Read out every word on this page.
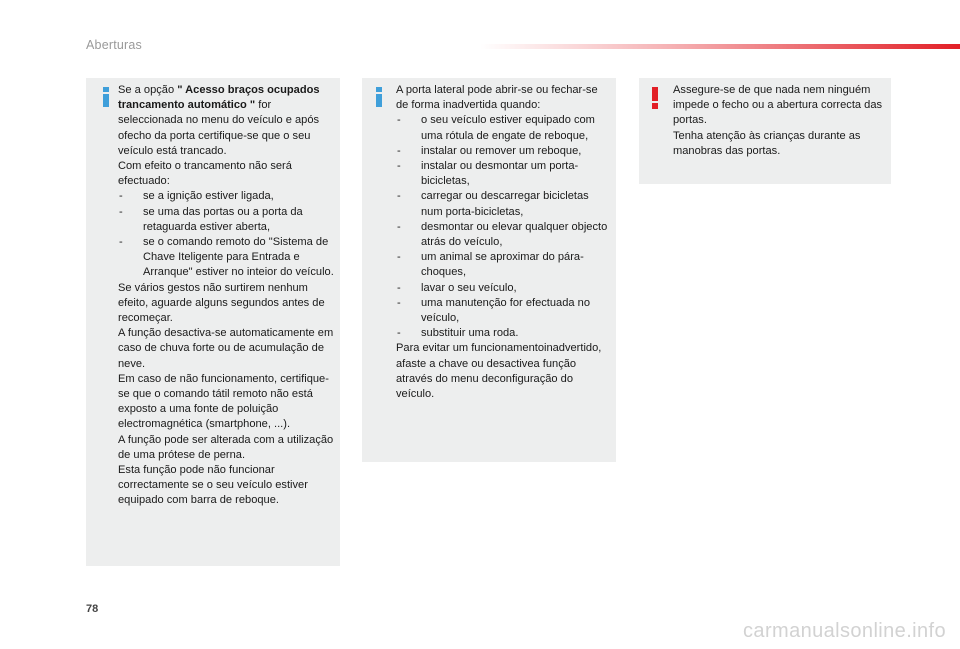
Aberturas

Se a opção " Acesso braços ocupados trancamento automático " for seleccionada no menu do veículo e após ofecho da porta certifique-se que o seu veículo está trancado.

Com efeito o trancamento não será efectuado:

- se a ignição estiver ligada,
- se uma das portas ou a porta da retaguarda estiver aberta,
- se o comando remoto do "Sistema de Chave Iteligente para Entrada e Arranque" estiver no inteior do veículo.

Se vários gestos não surtirem nenhum efeito, aguarde alguns segundos antes de recomeçar.

A função desactiva-se automaticamente em caso de chuva forte ou de acumulação de neve.

Em caso de não funcionamento, certifique-se que o comando tátil remoto não está exposto a uma fonte de poluição electromagnética (smartphone, ...).

A função pode ser alterada com a utilização de uma prótese de perna.

Esta função pode não funcionar correctamente se o seu veículo estiver equipado com barra de reboque.

A porta lateral pode abrir-se ou fechar-se de forma inadvertida quando:

- o seu veículo estiver equipado com uma rótula de engate de reboque,
- instalar ou remover um reboque,
- instalar ou desmontar um porta-bicicletas,
- carregar ou descarregar bicicletas num porta-bicicletas,
- desmontar ou elevar qualquer objecto atrás do veículo,
- um animal se aproximar do pára-choques,
- lavar o seu veículo,
- uma manutenção for efectuada no veículo,
- substituir uma roda.

Para evitar um funcionamentoinadvertido, afaste a chave ou desactivea função através do menu deconfiguração do veículo.

Assegure-se de que nada nem ninguém impede o fecho ou a abertura correcta das portas.

Tenha atenção às crianças durante as manobras das portas.

78
carmanualsonline.info
